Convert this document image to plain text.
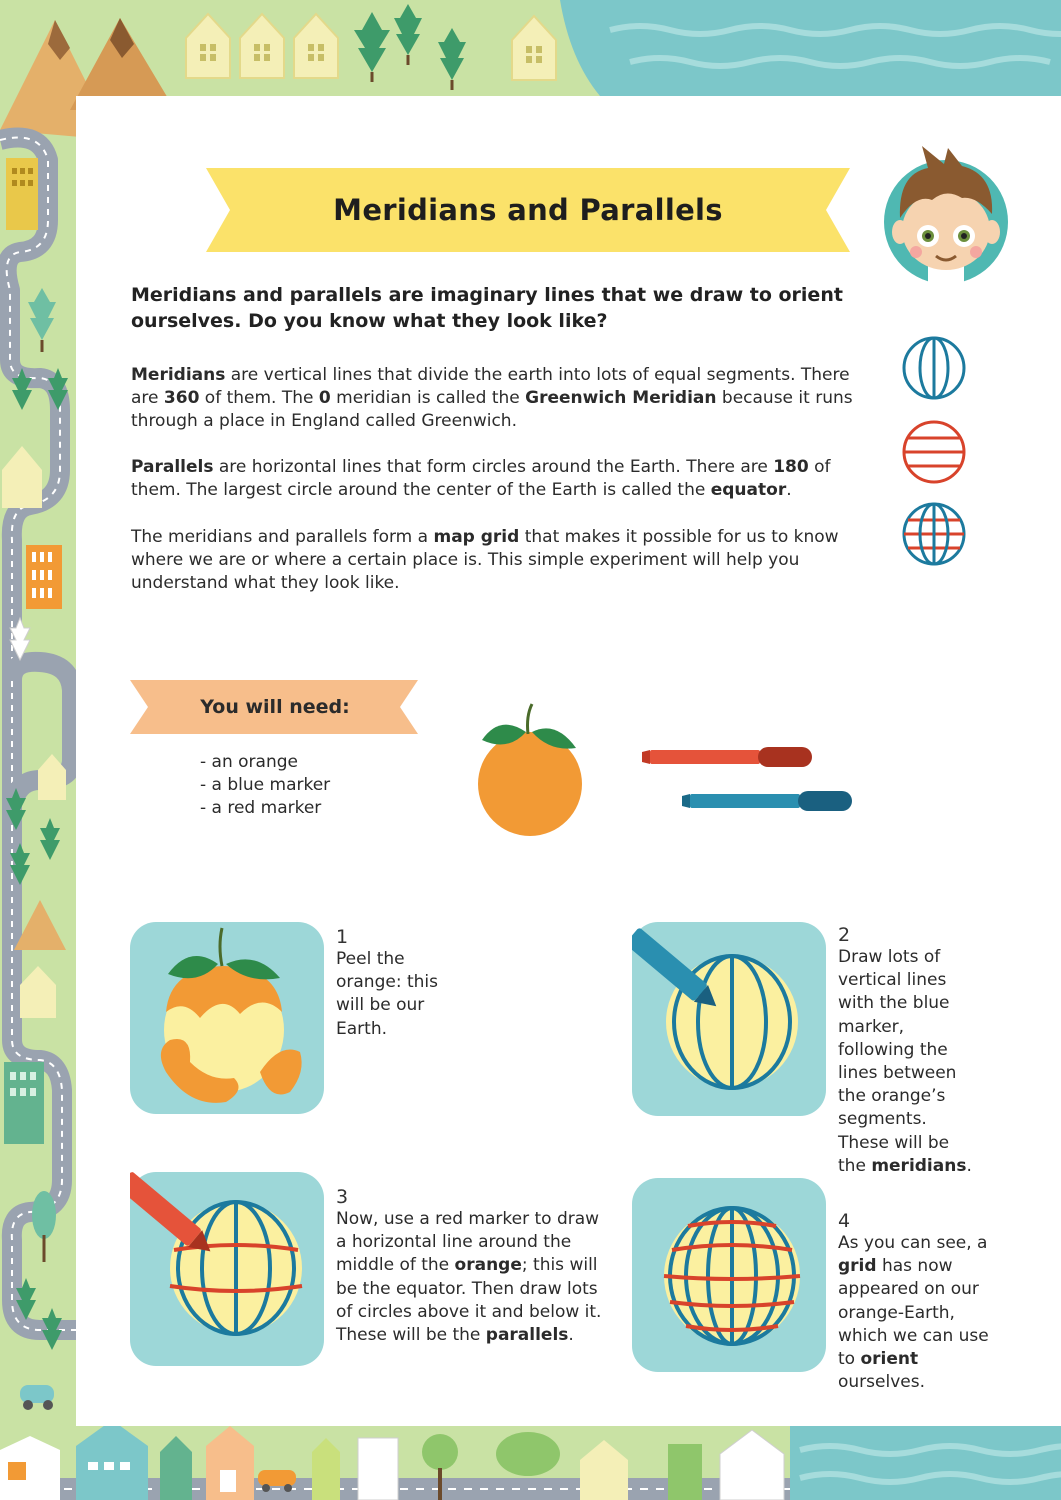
Meridians and Parallels
Meridians and parallels are imaginary lines that we draw to orient ourselves. Do you know what they look like?
Meridians are vertical lines that divide the earth into lots of equal segments. There are 360 of them. The 0 meridian is called the Greenwich Meridian because it runs through a place in England called Greenwich.
Parallels are horizontal lines that form circles around the Earth. There are 180 of them. The largest circle around the center of the Earth is called the equator.
The meridians and parallels form a map grid that makes it possible for us to know where we are or where a certain place is. This simple experiment will help you understand what they look like.
You will need:
- an orange
- a blue marker
- a red marker
1
Peel the orange: this will be our Earth.
2
Draw lots of vertical lines with the blue marker, following the lines between the orange’s segments. These will be the meridians.
3
Now, use a red marker to draw a horizontal line around the middle of the orange; this will be the equator. Then draw lots of circles above it and below it. These will be the parallels.
4
As you can see, a grid has now appeared on our orange-Earth, which we can use to orient ourselves.
